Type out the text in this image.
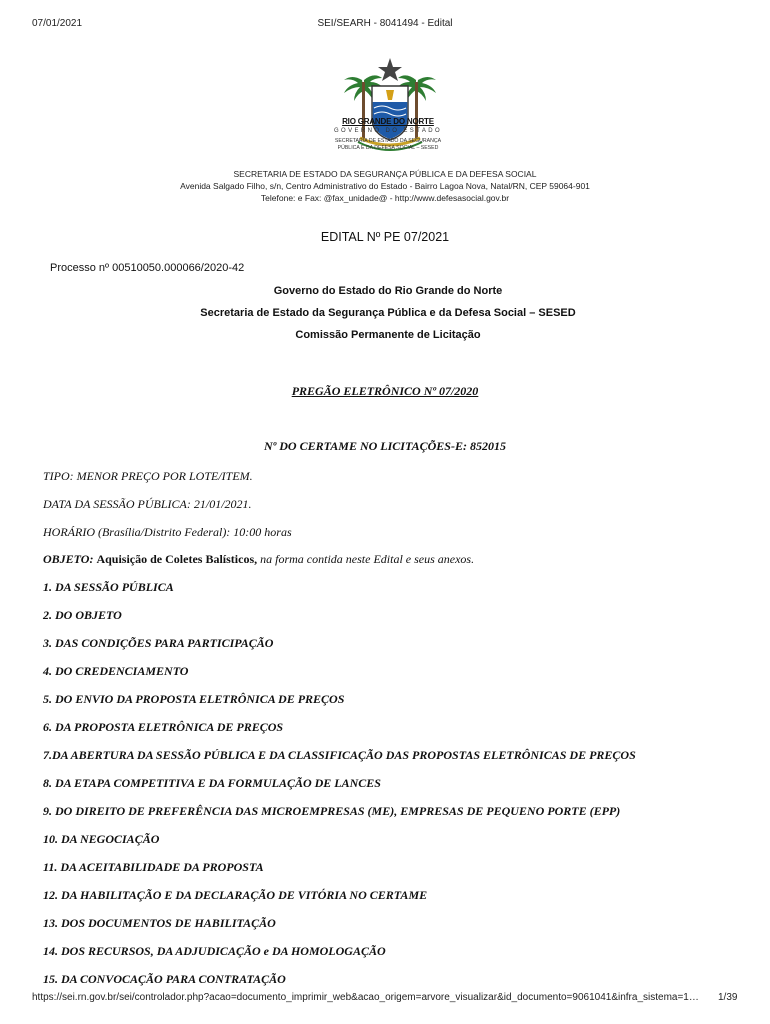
07/01/2021	SEI/SEARH - 8041494 - Edital
RIO GRANDE DO NORTE
GOVERNO DO ESTADO
SECRETARIA DE ESTADO DA SEGURANÇA
PÚBLICA E DA DEFESA SOCIAL – SESED
SECRETARIA DE ESTADO DA SEGURANÇA PÚBLICA E DA DEFESA SOCIAL
Avenida Salgado Filho, s/n, Centro Administrativo do Estado - Bairro Lagoa Nova, Natal/RN, CEP 59064-901
Telefone: e Fax: @fax_unidade@ - http://www.defesasocial.gov.br
EDITAL Nº PE 07/2021
Processo nº 00510050.000066/2020-42
Governo do Estado do Rio Grande do Norte
Secretaria de Estado da Segurança Pública e da Defesa Social – SESED
Comissão Permanente de Licitação
PREGÃO ELETRÔNICO Nº 07/2020
Nº DO CERTAME NO LICITAÇÕES-E: 852015
TIPO: MENOR PREÇO POR LOTE/ITEM.
DATA DA SESSÃO PÚBLICA: 21/01/2021.
HORÁRIO (Brasília/Distrito Federal): 10:00 horas
OBJETO: Aquisição de Coletes Balísticos, na forma contida neste Edital e seus anexos.
1. DA SESSÃO PÚBLICA
2. DO OBJETO
3. DAS CONDIÇÕES PARA PARTICIPAÇÃO
4. DO CREDENCIAMENTO
5. DO ENVIO DA PROPOSTA ELETRÔNICA DE PREÇOS
6. DA PROPOSTA ELETRÔNICA DE PREÇOS
7.DA ABERTURA DA SESSÃO PÚBLICA E DA CLASSIFICAÇÃO DAS PROPOSTAS ELETRÔNICAS DE PREÇOS
8. DA ETAPA COMPETITIVA E DA FORMULAÇÃO DE LANCES
9. DO DIREITO DE PREFERÊNCIA DAS MICROEMPRESAS (ME), EMPRESAS DE PEQUENO PORTE (EPP)
10. DA NEGOCIAÇÃO
11. DA ACEITABILIDADE DA PROPOSTA
12. DA HABILITAÇÃO E DA DECLARAÇÃO DE VITÓRIA NO CERTAME
13. DOS DOCUMENTOS DE HABILITAÇÃO
14. DOS RECURSOS, DA ADJUDICAÇÃO e DA HOMOLOGAÇÃO
15. DA CONVOCAÇÃO PARA CONTRATAÇÃO
https://sei.rn.gov.br/sei/controlador.php?acao=documento_imprimir_web&acao_origem=arvore_visualizar&id_documento=9061041&infra_sistema=1… 1/39
